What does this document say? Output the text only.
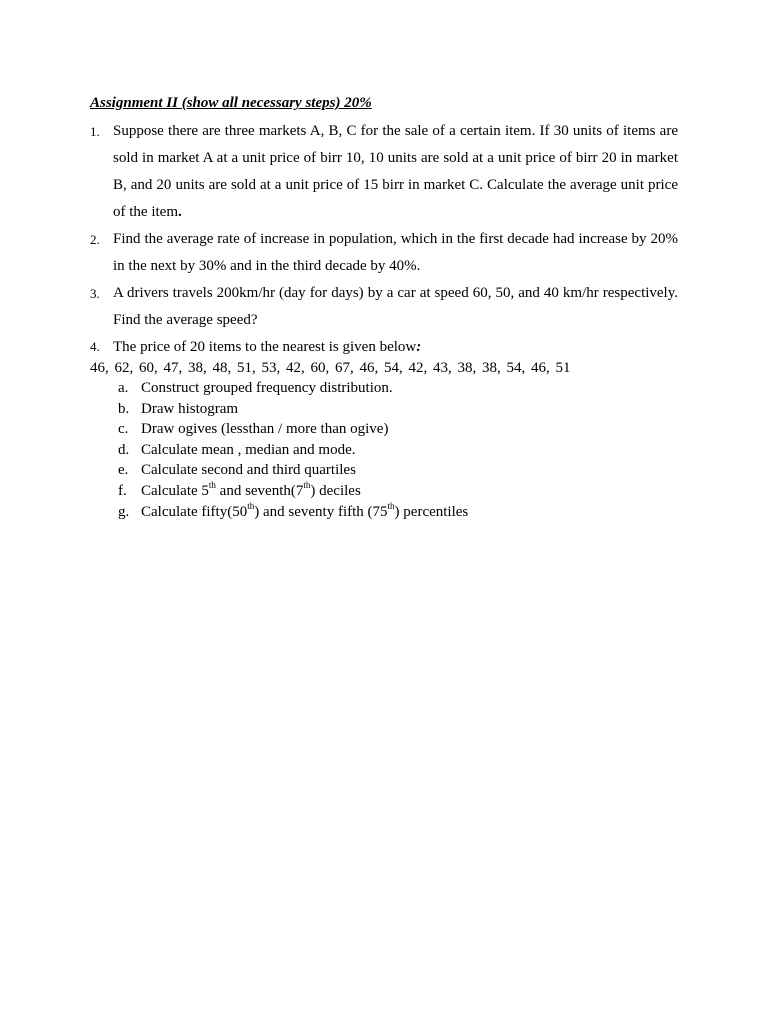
Assignment II (show all necessary steps) 20%
1. Suppose there are three markets A, B, C for the sale of a certain item. If 30 units of items are sold in market A at a unit price of birr 10, 10 units are sold at a unit price of birr 20 in market B, and 20 units are sold at a unit price of 15 birr in market C. Calculate the average unit price of the item.
2. Find the average rate of increase in population, which in the first decade had increase by 20% in the next by 30% and in the third decade by 40%.
3. A drivers travels 200km/hr (day for days) by a car at speed 60, 50, and 40 km/hr respectively. Find the average speed?
4. The price of 20 items to the nearest is given below:
46, 62, 60, 47, 38, 48, 51, 53, 42, 60, 67, 46, 54, 42, 43, 38, 38, 54, 46, 51
a. Construct grouped frequency distribution.
b. Draw histogram
c. Draw ogives (lessthan / more than ogive)
d. Calculate mean , median and mode.
e. Calculate second and third quartiles
f. Calculate 5th and seventh(7th) deciles
g. Calculate fifty(50th) and seventy fifth (75th) percentiles
